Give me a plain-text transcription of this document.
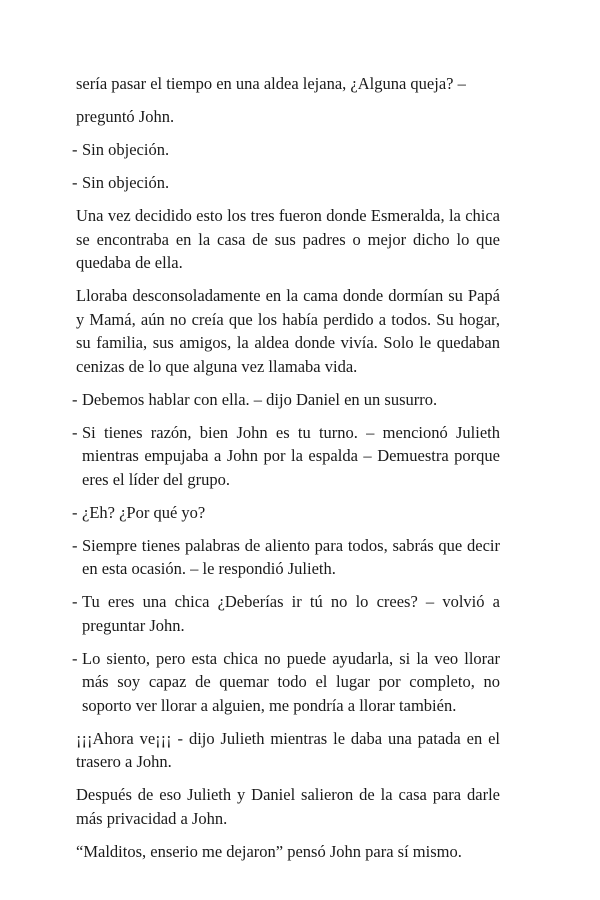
sería pasar el tiempo en una aldea lejana, ¿Alguna queja? –

preguntó John.

-
Sin objeción.

-
Sin objeción.

Una vez decidido esto los tres fueron donde Esmeralda, la chica se encontraba en la casa de sus padres o mejor dicho lo que quedaba de ella.

Lloraba desconsoladamente en la cama donde dormían su Papá y Mamá, aún no creía que los había perdido a todos. Su hogar, su familia, sus amigos, la aldea donde vivía. Solo le quedaban cenizas de lo que alguna vez llamaba vida.

-
Debemos hablar con ella. – dijo Daniel en un susurro.

-
Si tienes razón, bien John es tu turno. – mencionó Julieth mientras empujaba a John por la espalda – Demuestra porque eres el líder del grupo.

-
¿Eh? ¿Por qué yo?

-
Siempre tienes palabras de aliento para todos, sabrás que decir en esta ocasión. – le respondió Julieth.

-
Tu eres una chica ¿Deberías ir tú no lo crees? – volvió a preguntar John.

-
Lo siento, pero esta chica no puede ayudarla, si la veo llorar más soy capaz de quemar todo el lugar por completo, no soporto ver llorar a alguien, me pondría a llorar también.

¡¡¡Ahora ve¡¡¡ - dijo Julieth mientras le daba una patada en el trasero a John.

Después de eso Julieth y Daniel salieron de la casa para darle más privacidad a John.

“Malditos, enserio me dejaron” pensó John para sí mismo.
